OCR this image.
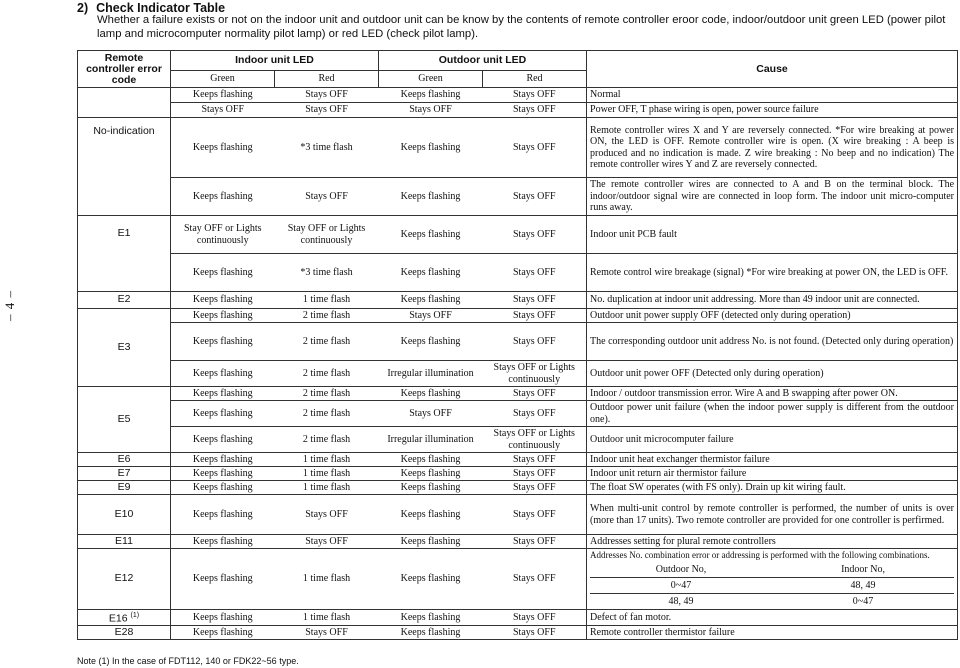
– 4 –
2) Check Indicator Table
Whether a failure exists or not on the indoor unit and outdoor unit can be know by the contents of remote controller eroor code, indoor/outdoor unit green LED (power pilot lamp and microcomputer normality pilot lamp) or red LED (check pilot lamp).
Remote controller error code	Indoor unit LED	Outdoor unit LED	Cause
Green	Red	Green	Red
	Keeps flashing	Stays OFF	Keeps flashing	Stays OFF	Normal
Stays OFF	Stays OFF	Stays OFF	Stays OFF	Power OFF, T phase wiring is open, power source failure
No-indication	Keeps flashing	*3 time flash	Keeps flashing	Stays OFF	Remote controller wires X and Y are reversely connected. *For wire breaking at power ON, the LED is OFF. Remote controller wire is open. (X wire breaking : A beep is produced and no indication is made. Z wire breaking : No beep and no indication) The remote controller wires Y and Z are reversely connected.
Keeps flashing	Stays OFF	Keeps flashing	Stays OFF	The remote controller wires are connected to A and B on the terminal block. The indoor/outdoor signal wire are connected in loop form. The indoor unit micro-computer runs away.
E1	Stay OFF or Lights continuously	Stay OFF or Lights continuously	Keeps flashing	Stays OFF	Indoor unit PCB fault
Keeps flashing	*3 time flash	Keeps flashing	Stays OFF	Remote control wire breakage (signal) *For wire breaking at power ON, the LED is OFF.
E2	Keeps flashing	1 time flash	Keeps flashing	Stays OFF	No. duplication at indoor unit addressing. More than 49 indoor unit are connected.
E3	Keeps flashing	2 time flash	Stays OFF	Stays OFF	Outdoor unit power supply OFF (detected only during operation)
Keeps flashing	2 time flash	Keeps flashing	Stays OFF	The corresponding outdoor unit address No. is not found. (Detected only during operation)
Keeps flashing	2 time flash	Irregular illumination	Stays OFF or Lights continuously	Outdoor unit power OFF (Detected only during operation)
E5	Keeps flashing	2 time flash	Keeps flashing	Stays OFF	Indoor / outdoor transmission error. Wire A and B swapping after power ON.
Keeps flashing	2 time flash	Stays OFF	Stays OFF	Outdoor power unit failure (when the indoor power supply is different from the outdoor one).
Keeps flashing	2 time flash	Irregular illumination	Stays OFF or Lights continuously	Outdoor unit microcomputer failure
E6	Keeps flashing	1 time flash	Keeps flashing	Stays OFF	Indoor unit heat exchanger thermistor failure
E7	Keeps flashing	1 time flash	Keeps flashing	Stays OFF	Indoor unit return air thermistor failure
E9	Keeps flashing	1 time flash	Keeps flashing	Stays OFF	The float SW operates (with FS only). Drain up kit wiring fault.
E10	Keeps flashing	Stays OFF	Keeps flashing	Stays OFF	When multi-unit control by remote controller is performed, the number of units is over (more than 17 units). Two remote controller are provided for one controller is perfirmed.
E11	Keeps flashing	Stays OFF	Keeps flashing	Stays OFF	Addresses setting for plural remote controllers
E12	Keeps flashing	1 time flash	Keeps flashing	Stays OFF	
Addresses No. combination error or addressing is performed with the following combinations.
Outdoor No,	Indoor No,
0~47	48, 49
48, 49	0~47

E16 $^{(1)}$	Keeps flashing	1 time flash	Keeps flashing	Stays OFF	Defect of fan motor.
E28	Keeps flashing	Stays OFF	Keeps flashing	Stays OFF	Remote controller thermistor failure
Note (1) In the case of FDT112, 140 or FDK22~56 type.
